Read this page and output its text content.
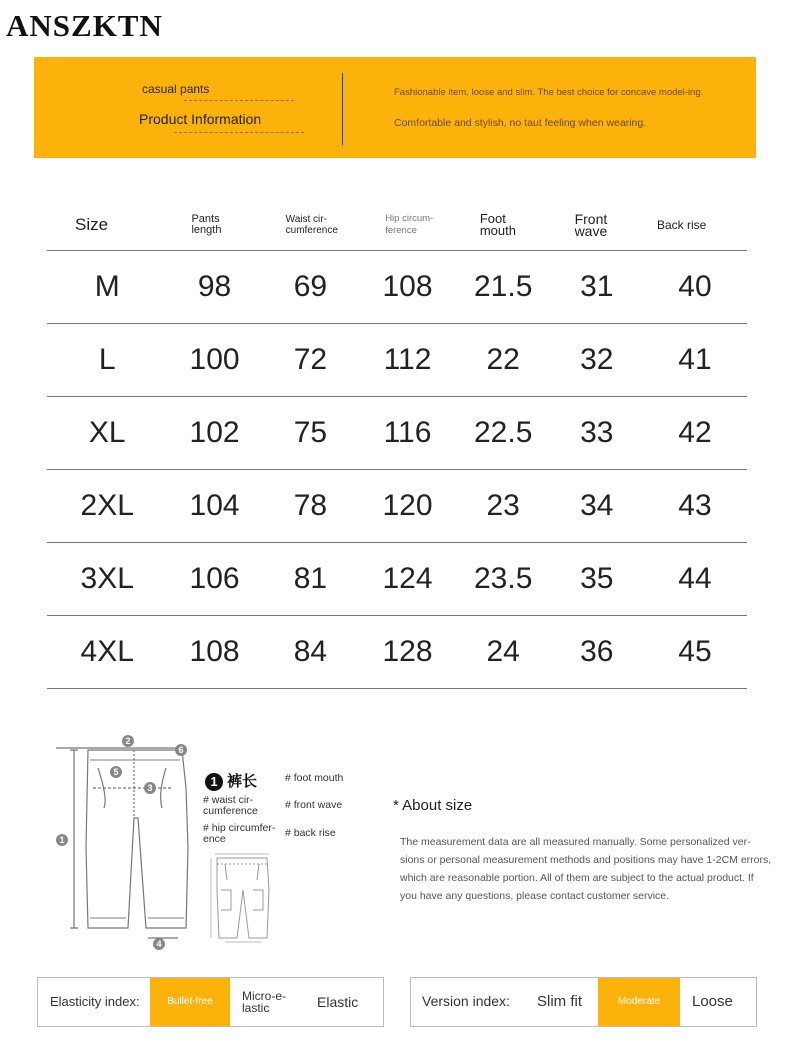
ANSZKTN
casual pants
Product Information
Fashionable item, loose and slim. The best choice for concave model-ing.
Comfortable and stylish, no taut feeling when wearing.
Size	Pants length	Waist cir- cumference	Hip circum- ference	Foot mouth	Front wave	Back rise

M	98	69	108	21.5	31	40
L	100	72	112	22	32	41
XL	102	75	116	22.5	33	42
2XL	104	78	120	23	34	43
3XL	106	81	124	23.5	35	44
4XL	108	84	128	24	36	45
1
2
3
4
5
6
1 裤长	# foot mouth
# waist cir- cumference	# front wave
# hip circumfer- ence	# back rise
* About size
The measurement data are all measured manually. Some personalized ver- sions or personal measurement methods and positions may have 1-2CM errors, which are reasonable portion. All of them are subject to the actual product. If you have any questions, please contact customer service.
Elasticity index:	Bullet-free	Micro-e- lastic	Elastic	Version index: Slim fit	Moderate	Loose
